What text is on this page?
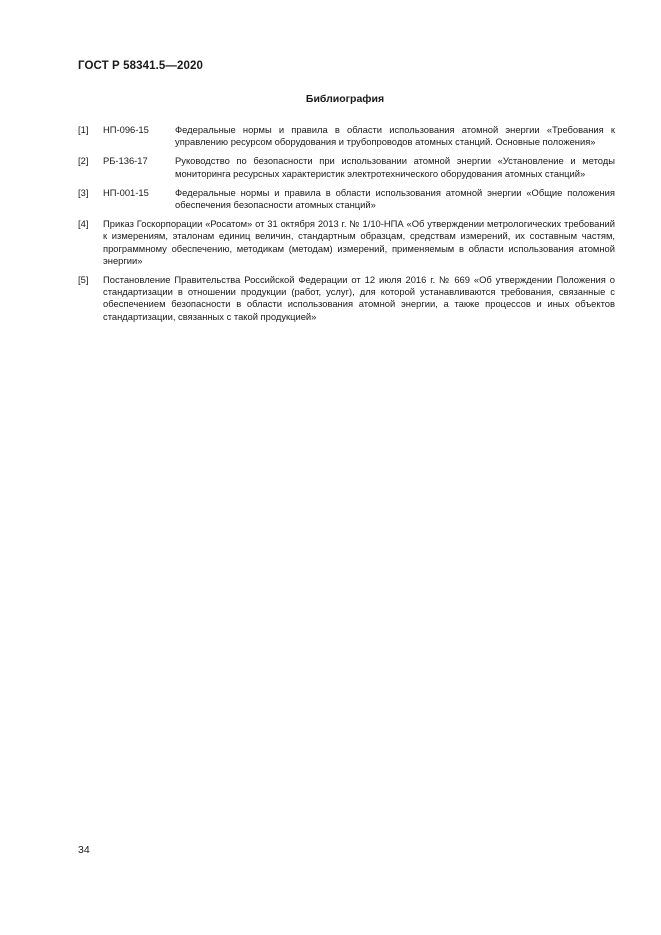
ГОСТ Р 58341.5—2020
Библиография
[1] НП-096-15	Федеральные нормы и правила в области использования атомной энергии «Требования к управлению ресурсом оборудования и трубопроводов атомных станций. Основные положения»
[2] РБ-136-17	Руководство по безопасности при использовании атомной энергии «Установление и методы мониторинга ресурсных характеристик электротехнического оборудования атомных станций»
[3] НП-001-15	Федеральные нормы и правила в области использования атомной энергии «Общие положения обеспечения безопасности атомных станций»
[4] Приказ Госкорпорации «Росатом» от 31 октября 2013 г. № 1/10-НПА «Об утверждении метрологических требований к измерениям, эталонам единиц величин, стандартным образцам, средствам измерений, их составным частям, программному обеспечению, методикам (методам) измерений, применяемым в области использования атомной энергии»
[5] Постановление Правительства Российской Федерации от 12 июля 2016 г. № 669 «Об утверждении Положения о стандартизации в отношении продукции (работ, услуг), для которой устанавливаются требования, связанные с обеспечением безопасности в области использования атомной энергии, а также процессов и иных объектов стандартизации, связанных с такой продукцией»
34
